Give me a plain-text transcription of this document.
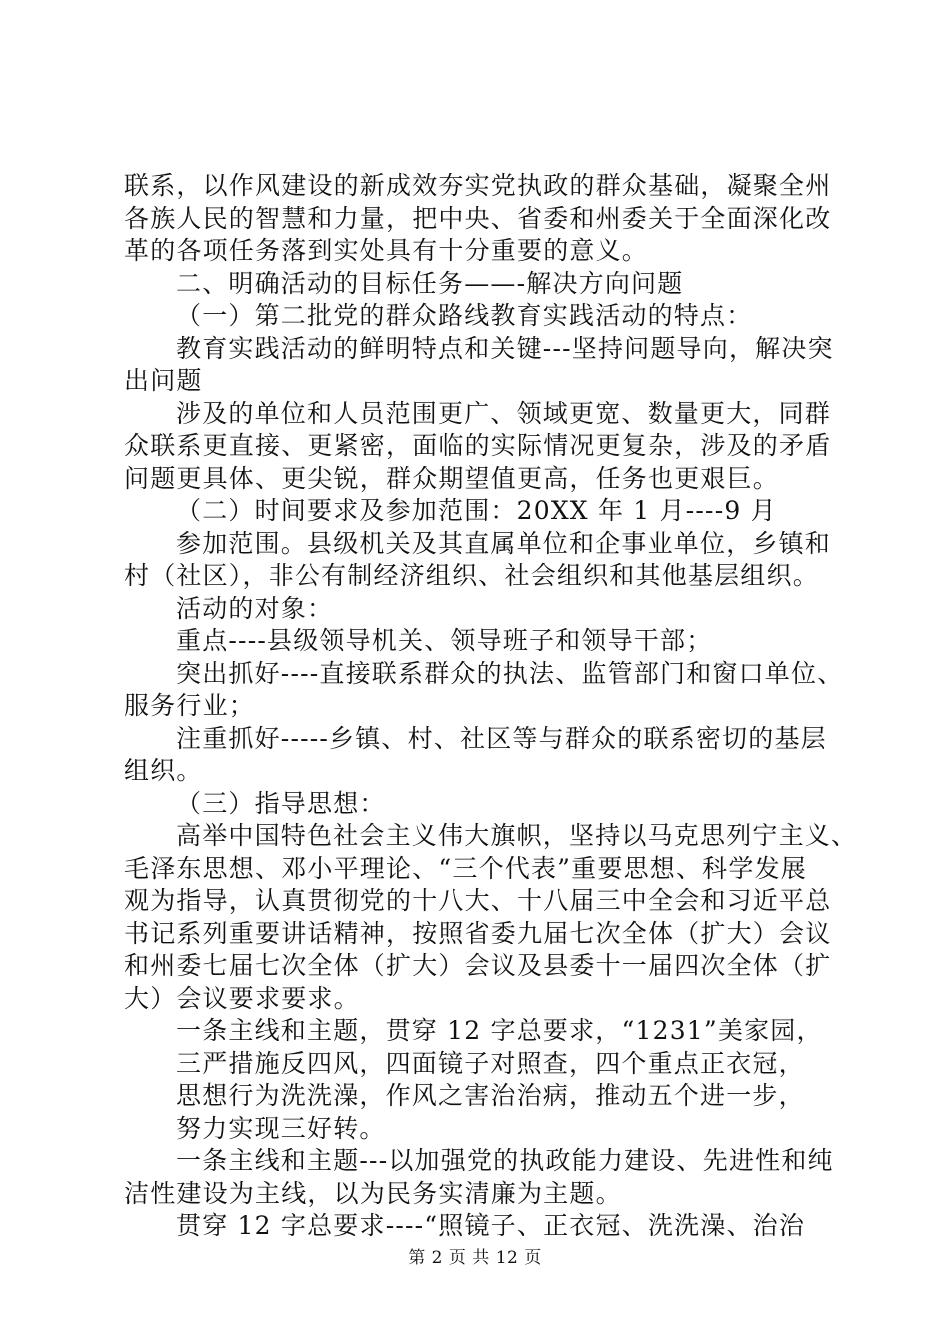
联系，以作风建设的新成效夯实党执政的群众基础，凝聚全州
各族人民的智慧和力量，把中央、省委和州委关于全面深化改
革的各项任务落到实处具有十分重要的意义。
二、明确活动的目标任务——-解决方向问题
（一）第二批党的群众路线教育实践活动的特点：
教育实践活动的鲜明特点和关键---坚持问题导向，解决突
出问题
涉及的单位和人员范围更广、领域更宽、数量更大，同群
众联系更直接、更紧密，面临的实际情况更复杂，涉及的矛盾
问题更具体、更尖锐，群众期望值更高，任务也更艰巨。
（二）时间要求及参加范围：20XX 年 1 月----9 月
参加范围。县级机关及其直属单位和企事业单位，乡镇和
村（社区），非公有制经济组织、社会组织和其他基层组织。
活动的对象：
重点----县级领导机关、领导班子和领导干部；
突出抓好----直接联系群众的执法、监管部门和窗口单位、
服务行业；
注重抓好-----乡镇、村、社区等与群众的联系密切的基层
组织。
（三）指导思想：
高举中国特色社会主义伟大旗帜，坚持以马克思列宁主义、
毛泽东思想、邓小平理论、“三个代表”重要思想、科学发展
观为指导，认真贯彻党的十八大、十八届三中全会和习近平总
书记系列重要讲话精神，按照省委九届七次全体（扩大）会议
和州委七届七次全体（扩大）会议及县委十一届四次全体（扩
大）会议要求要求。
一条主线和主题，贯穿 12 字总要求，“1231”美家园，
三严措施反四风，四面镜子对照查，四个重点正衣冠，
思想行为洗洗澡，作风之害治治病，推动五个进一步，
努力实现三好转。
一条主线和主题---以加强党的执政能力建设、先进性和纯
洁性建设为主线，以为民务实清廉为主题。
贯穿 12 字总要求----“照镜子、正衣冠、洗洗澡、治治
第 2 页 共 12 页
